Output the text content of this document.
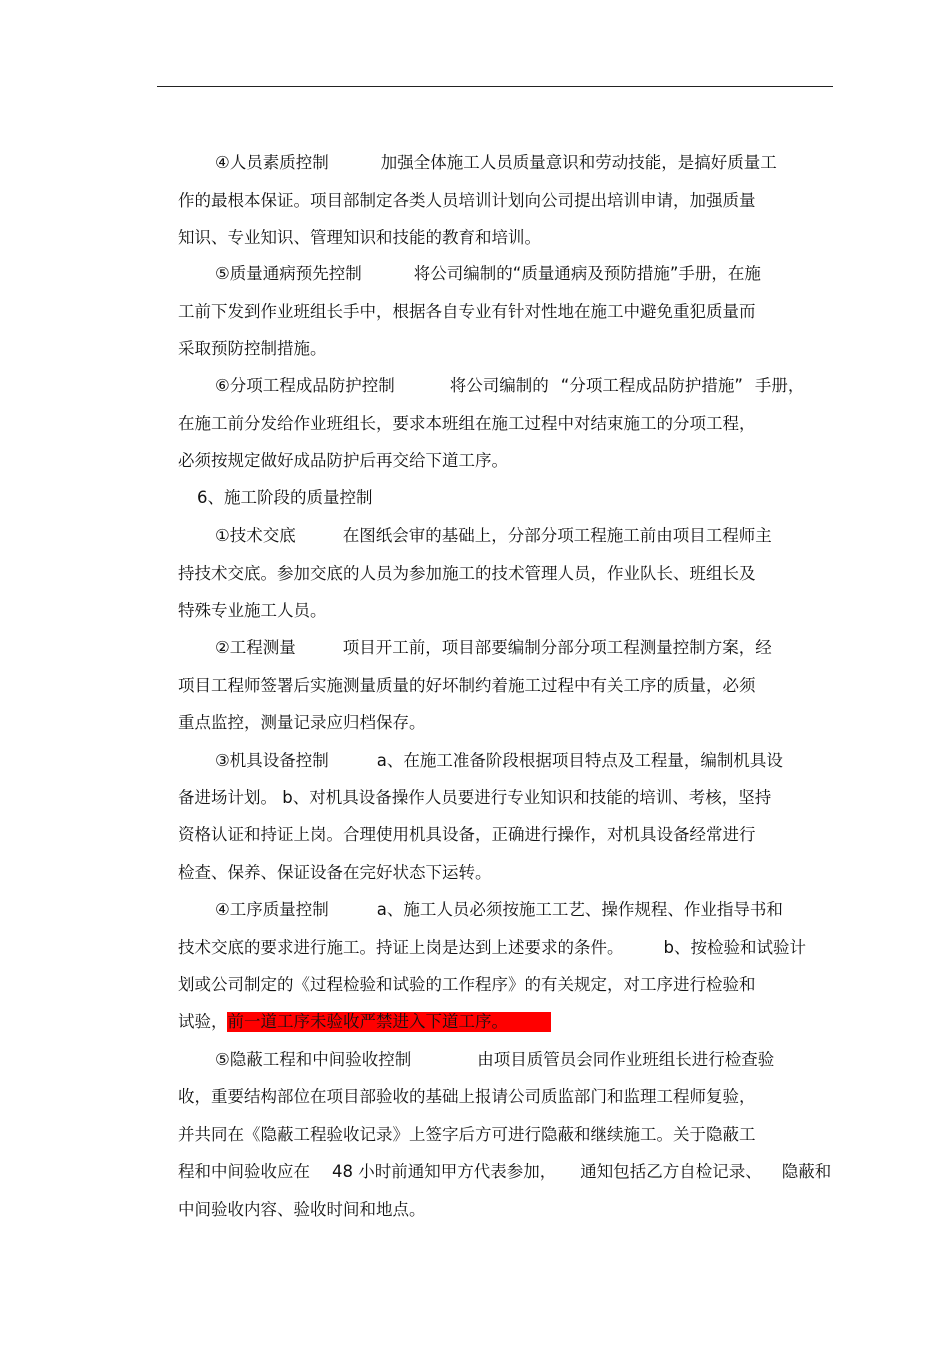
④人员素质控制	加强全体施工人员质量意识和劳动技能，是搞好质量工

作的最根本保证。项目部制定各类人员培训计划向公司提出培训申请，加强质量

知识、专业知识、管理知识和技能的教育和培训。

⑤质量通病预先控制	将公司编制的“质量通病及预防措施”手册，在施

工前下发到作业班组长手中，根据各自专业有针对性地在施工中避免重犯质量而

采取预防控制措施。

⑥分项工程成品防护控制	将公司编制的 “分项工程成品防护措施” 手册，

在施工前分发给作业班组长，要求本班组在施工过程中对结束施工的分项工程，

必须按规定做好成品防护后再交给下道工序。

6、施工阶段的质量控制

①技术交底	在图纸会审的基础上，分部分项工程施工前由项目工程师主

持技术交底。参加交底的人员为参加施工的技术管理人员，作业队长、班组长及

特殊专业施工人员。

②工程测量	项目开工前，项目部要编制分部分项工程测量控制方案，经

项目工程师签署后实施测量质量的好坏制约着施工过程中有关工序的质量，必须

重点监控，测量记录应归档保存。

③机具设备控制	a、在施工准备阶段根据项目特点及工程量，编制机具设

备进场计划。 b、对机具设备操作人员要进行专业知识和技能的培训、考核，坚持

资格认证和持证上岗。合理使用机具设备，正确进行操作，对机具设备经常进行

检查、保养、保证设备在完好状态下运转。

④工序质量控制	a、施工人员必须按施工工艺、操作规程、作业指导书和

技术交底的要求进行施工。持证上岗是达到上述要求的条件。 b、按检验和试验计

划或公司制定的《过程检验和试验的工作程序》的有关规定，对工序进行检验和

试验，前一道工序未验收严禁进入下道工序。

⑤隐蔽工程和中间验收控制	由项目质管员会同作业班组长进行检查验

收，重要结构部位在项目部验收的基础上报请公司质监部门和监理工程师复验，

并共同在《隐蔽工程验收记录》上签字后方可进行隐蔽和继续施工。关于隐蔽工

程和中间验收应在 48 小时前通知甲方代表参加， 通知包括乙方自检记录、 隐蔽和

中间验收内容、验收时间和地点。
